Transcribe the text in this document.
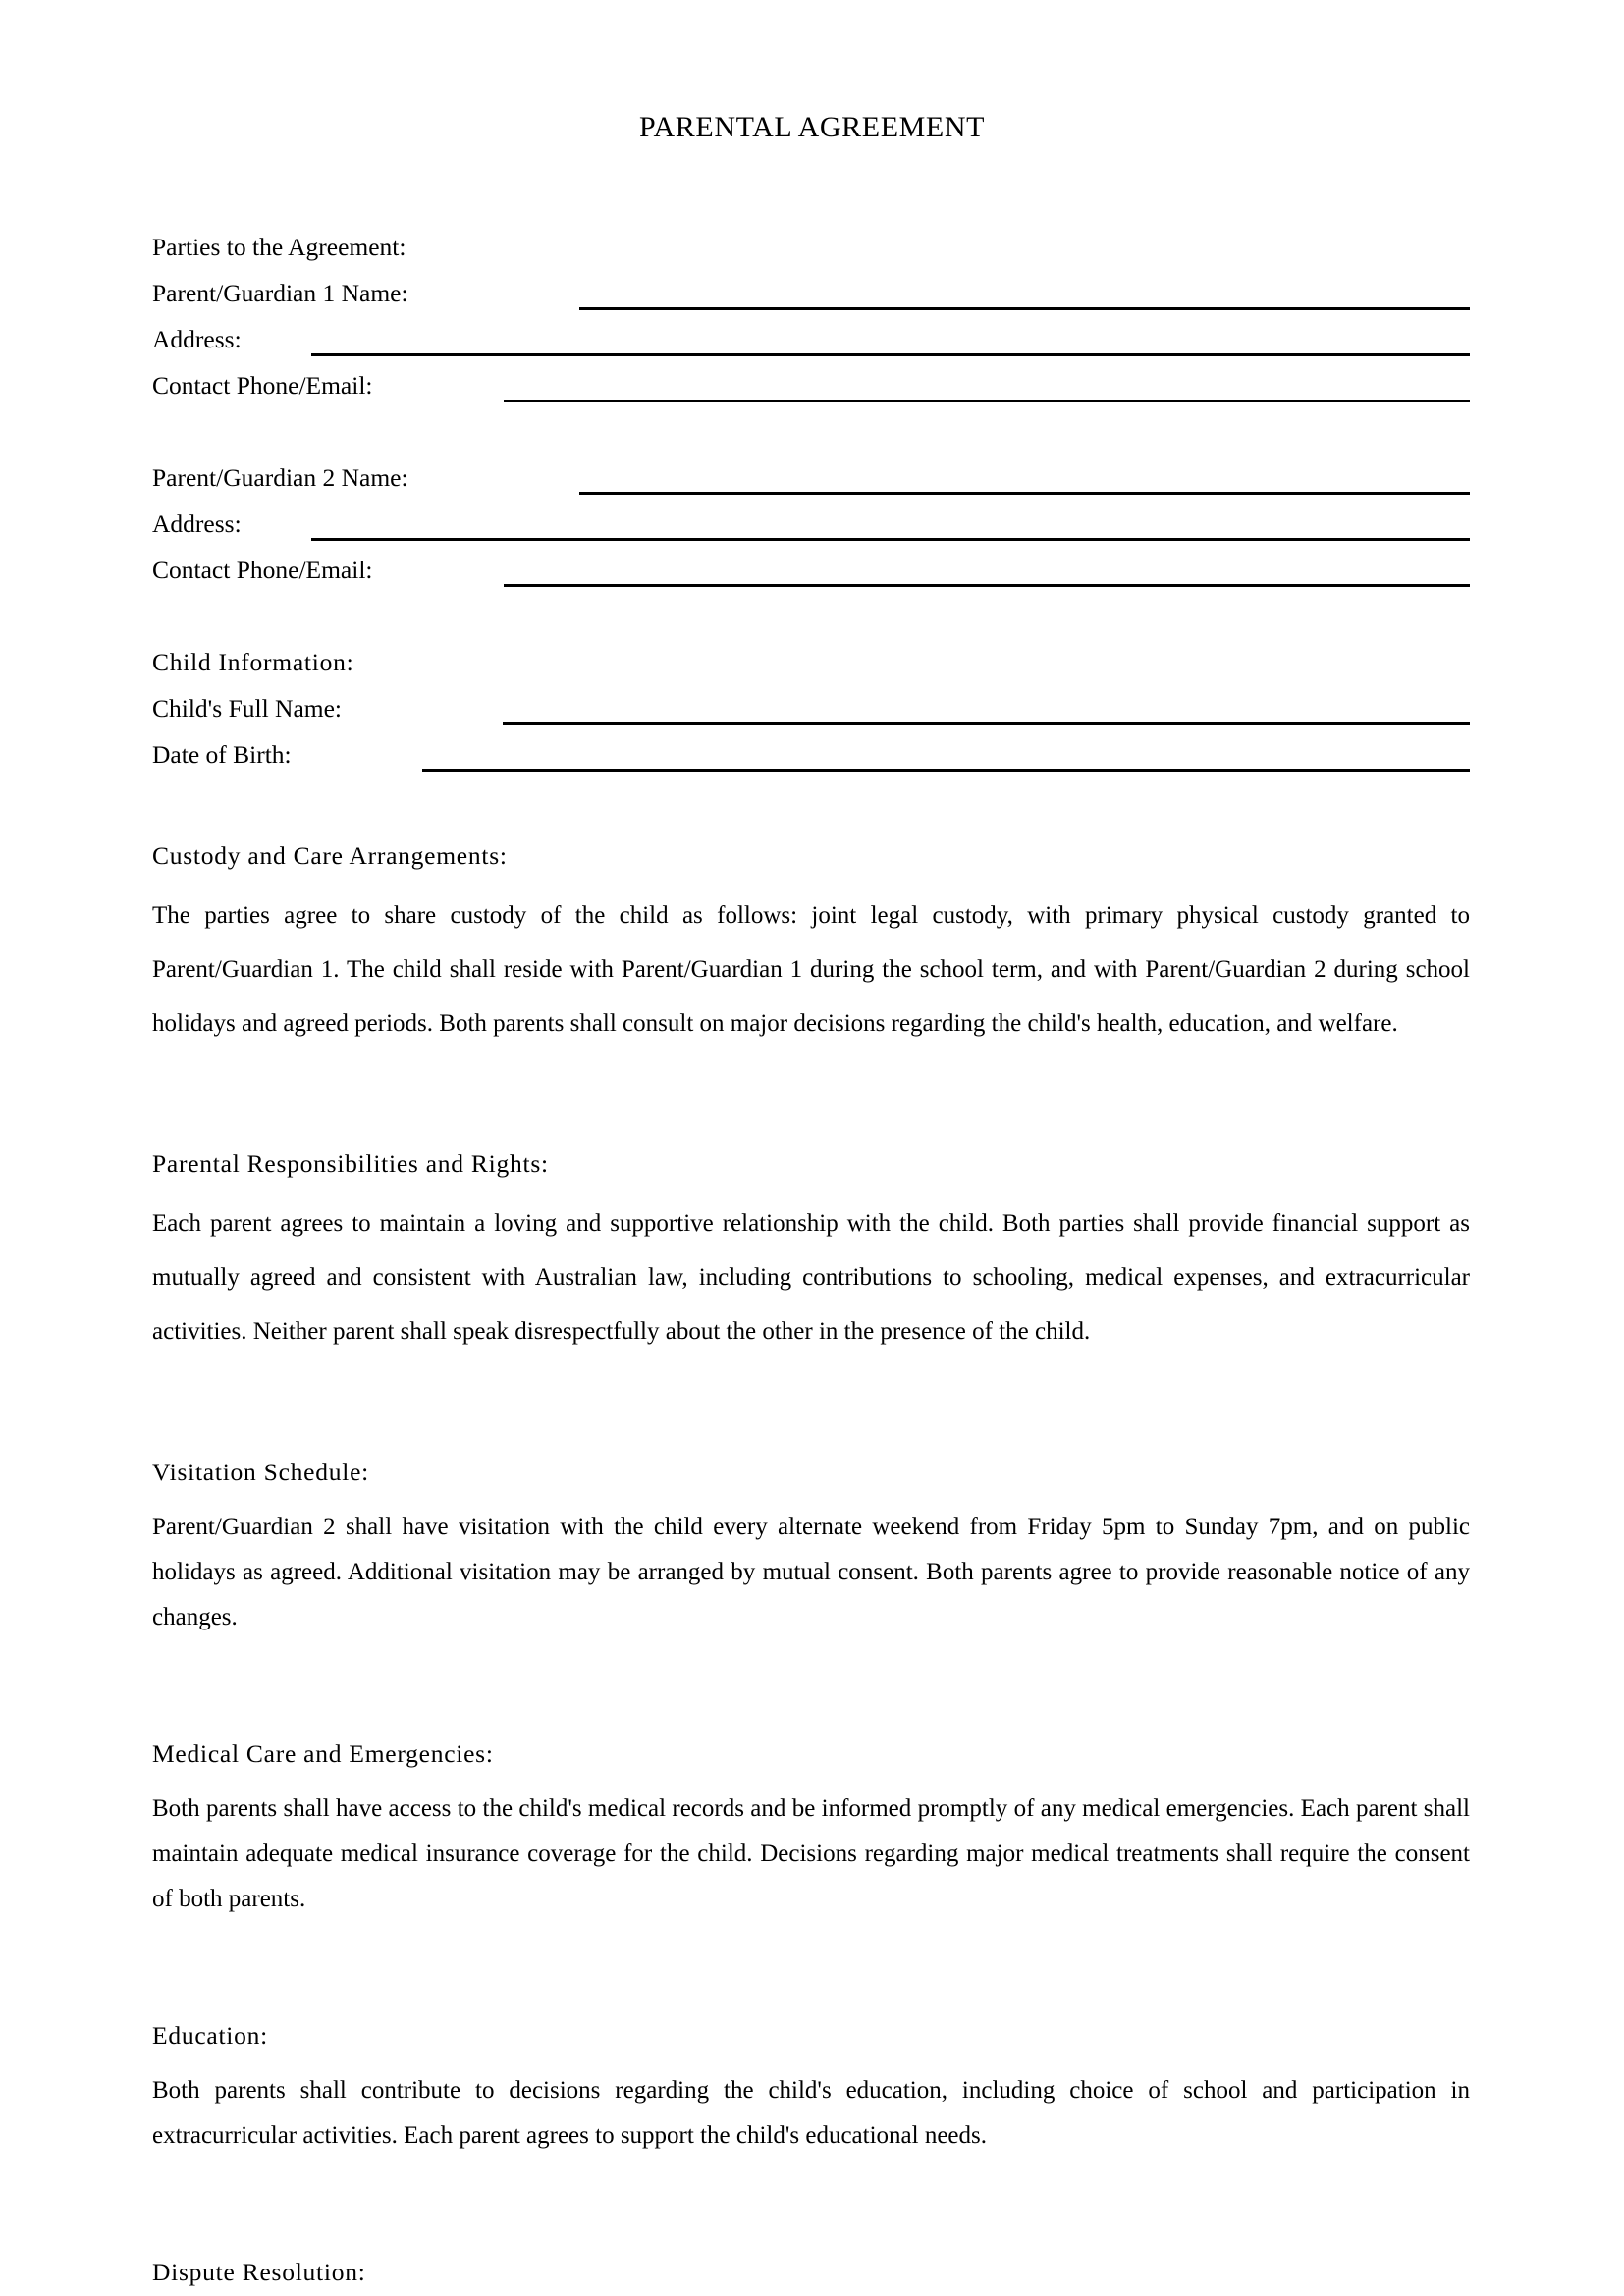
PARENTAL AGREEMENT
Parties to the Agreement:
Parent/Guardian 1 Name:
Address:
Contact Phone/Email:
Parent/Guardian 2 Name:
Address:
Contact Phone/Email:
Child Information:
Child's Full Name:
Date of Birth:
Custody and Care Arrangements:

The parties agree to share custody of the child as follows: joint legal custody, with primary physical custody granted to Parent/Guardian 1. The child shall reside with Parent/Guardian 1 during the school term, and with Parent/Guardian 2 during school holidays and agreed periods. Both parents shall consult on major decisions regarding the child's health, education, and welfare.

Parental Responsibilities and Rights:

Each parent agrees to maintain a loving and supportive relationship with the child. Both parties shall provide financial support as mutually agreed and consistent with Australian law, including contributions to schooling, medical expenses, and extracurricular activities. Neither parent shall speak disrespectfully about the other in the presence of the child.

Visitation Schedule:

Parent/Guardian 2 shall have visitation with the child every alternate weekend from Friday 5pm to Sunday 7pm, and on public holidays as agreed. Additional visitation may be arranged by mutual consent. Both parents agree to provide reasonable notice of any changes.

Medical Care and Emergencies:

Both parents shall have access to the child's medical records and be informed promptly of any medical emergencies. Each parent shall maintain adequate medical insurance coverage for the child. Decisions regarding major medical treatments shall require the consent of both parents.

Education:

Both parents shall contribute to decisions regarding the child's education, including choice of school and participation in extracurricular activities. Each parent agrees to support the child's educational needs.

Dispute Resolution:
